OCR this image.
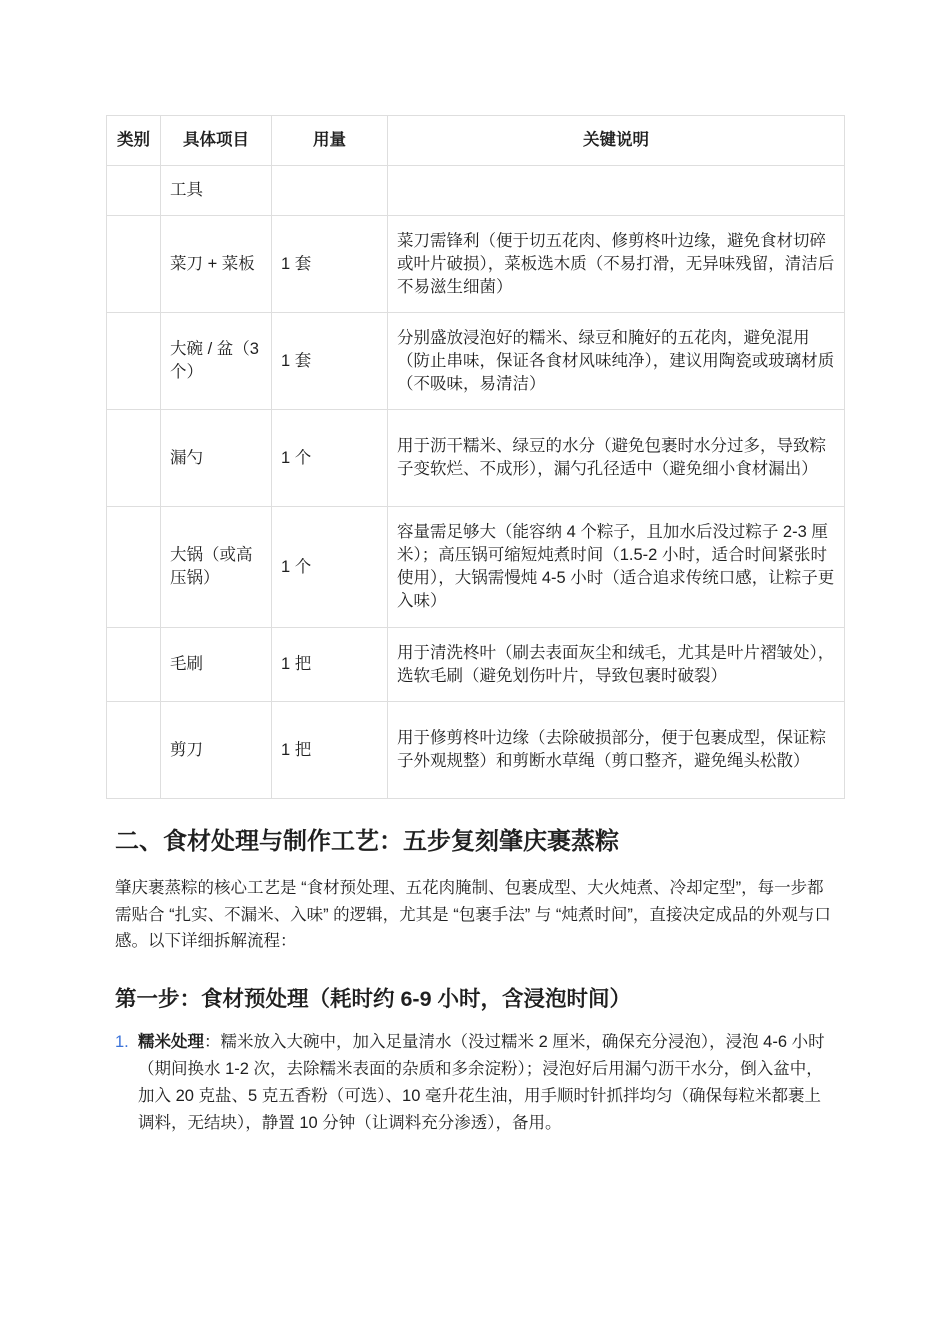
类别	具体项目	用量	关键说明
	工具		
	菜刀 + 菜板	1 套	菜刀需锋利（便于切五花肉、修剪柊叶边缘，避免食材切碎或叶片破损），菜板选木质（不易打滑，无异味残留，清洁后不易滋生细菌）
	大碗 / 盆（3 个）	1 套	分别盛放浸泡好的糯米、绿豆和腌好的五花肉，避免混用（防止串味，保证各食材风味纯净），建议用陶瓷或玻璃材质（不吸味，易清洁）
	漏勺	1 个	用于沥干糯米、绿豆的水分（避免包裹时水分过多，导致粽子变软烂、不成形），漏勺孔径适中（避免细小食材漏出）
	大锅（或高压锅）	1 个	容量需足够大（能容纳 4 个粽子，且加水后没过粽子 2-3 厘米）；高压锅可缩短炖煮时间（1.5-2 小时，适合时间紧张时使用），大锅需慢炖 4-5 小时（适合追求传统口感，让粽子更入味）
	毛刷	1 把	用于清洗柊叶（刷去表面灰尘和绒毛，尤其是叶片褶皱处），选软毛刷（避免划伤叶片，导致包裹时破裂）
	剪刀	1 把	用于修剪柊叶边缘（去除破损部分，便于包裹成型，保证粽子外观规整）和剪断水草绳（剪口整齐，避免绳头松散）
二、食材处理与制作工艺：五步复刻肇庆裹蒸粽

肇庆裹蒸粽的核心工艺是 “食材预处理、五花肉腌制、包裹成型、大火炖煮、冷却定型”，每一步都需贴合 “扎实、不漏米、入味” 的逻辑，尤其是 “包裹手法” 与 “炖煮时间”，直接决定成品的外观与口感。以下详细拆解流程：

第一步：食材预处理（耗时约 6-9 小时，含浸泡时间）
1. 糯米处理：糯米放入大碗中，加入足量清水（没过糯米 2 厘米，确保充分浸泡），浸泡 4-6 小时（期间换水 1-2 次，去除糯米表面的杂质和多余淀粉）；浸泡好后用漏勺沥干水分，倒入盆中，加入 20 克盐、5 克五香粉（可选）、10 毫升花生油，用手顺时针抓拌均匀（确保每粒米都裹上调料，无结块），静置 10 分钟（让调料充分渗透），备用。
